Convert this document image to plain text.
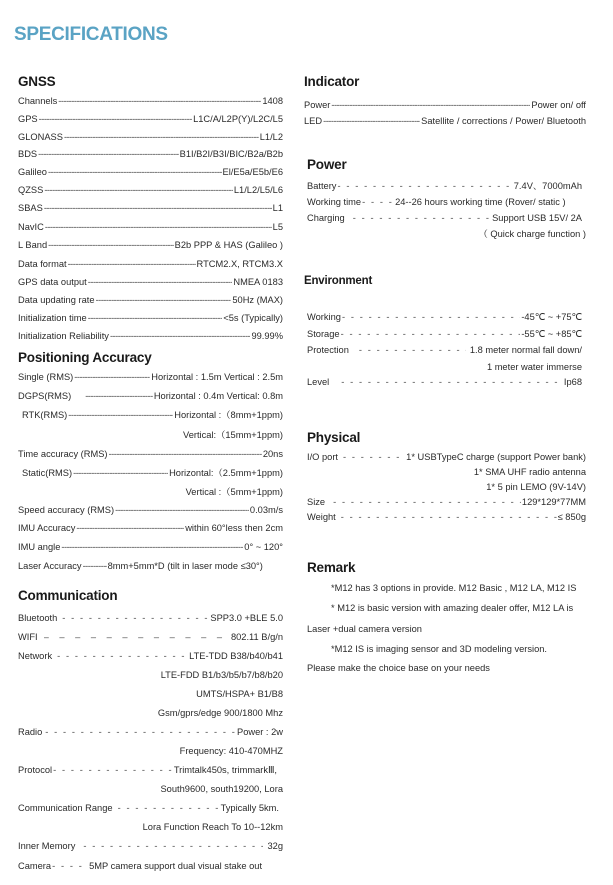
SPECIFICATIONS
GNSS
Channels -----	1408
GPS -----	L1C/A/L2P(Y)/L2C/L5
GLONASS -----	L1/L2
BDS -----	B1I/B2I/B3I/BIC/B2a/B2b
Galileo -----	El/E5a/E5b/E6
QZSS -----	L1/L2/L5/L6
SBAS -----	L1
NavIC -----	L5
L Band -----	B2b PPP & HAS (Galileo )
Data format -----	RTCM2.X, RTCM3.X
GPS data output -----	NMEA 0183
Data updating rate -----	50Hz (MAX)
Initialization time -----	<5s (Typically)
Initialization Reliability -----	99.99%
Positioning Accuracy
Single (RMS) -----	Horizontal : 1.5m Vertical : 2.5m
DGPS(RMS) -----	Horizontal : 0.4m Vertical: 0.8m
RTK(RMS) -----	Horizontal :（8mm+1ppm)
Vertical:（15mm+1ppm)
Time accuracy (RMS) -----	20ns
Static(RMS) -----	Horizontal:（2.5mm+1ppm)
Vertical :（5mm+1ppm)
Speed accuracy (RMS) -----	0.03m/s
IMU Accuracy -----	within 60°less then 2cm
IMU angle -----	0° ~ 120°
Laser Accuracy -----	8mm+5mm*D (tilt in laser mode ≤30°)
Communication
Bluetooth - - -	SPP3.0 +BLE 5.0
WIFI – – –	802.11 B/g/n
Network - - -	LTE-TDD B38/b40/b41
LTE-FDD B1/b3/b5/b7/b8/b20
UMTS/HSPA+ B1/B8
Gsm/gprs/edge 900/1800 Mhz
Radio - - -	Power : 2w
Frequency: 410-470MHZ
Protocol - - -	Trimtalk450s, trimmarkⅢ,
South9600, south19200, Lora
Communication Range - - -	Typically 5km.
Lora Function Reach To 10--12km
Inner Memory - - -	32g
Camera - - -	5MP camera support dual visual stake out
Indicator
Power -----	Power on/ off
LED -----	Satellite / corrections / Power/ Bluetooth
Power
Battery - - -	7.4V、7000mAh
Working time - - -	24--26 hours working time (Rover/ static )
Charging - - -	Support USB 15V/ 2A
（ Quick charge function )
Environment
Working - - -	-45℃ ~ +75℃
Storage - - -	-55℃ ~ +85℃
Protection - - -	1.8 meter normal fall down/
1 meter water immerse
Level - - -	Ip68
Physical
I/O port - - -	1* USBTypeC charge (support Power bank)
1* SMA UHF radio antenna
1* 5 pin LEMO (9V-14V)
Size - - -	129*129*77MM
Weight - - -	≤ 850g
Remark
*M12 has 3 options in provide. M12 Basic , M12 LA, M12 IS
* M12 is basic version with amazing dealer offer, M12 LA is
Laser +dual camera version
*M12 IS is imaging sensor and 3D modeling version.
Please make the choice base on your needs
